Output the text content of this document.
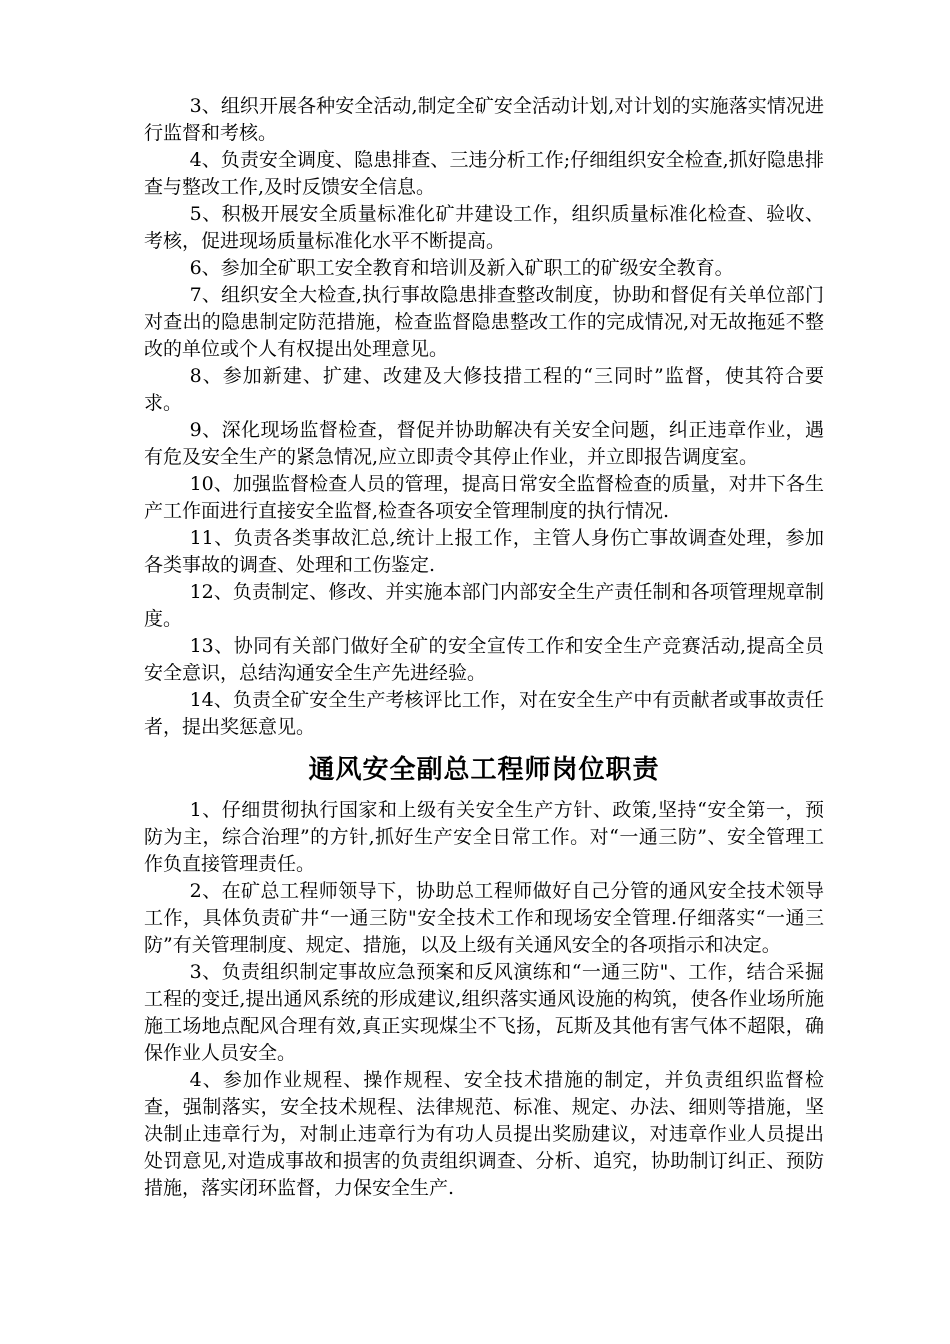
3、组织开展各种安全活动,制定全矿安全活动计划,对计划的实施落实情况进行监督和考核。

4、负责安全调度、隐患排查、三违分析工作;仔细组织安全检查,抓好隐患排查与整改工作,及时反馈安全信息。

5、积极开展安全质量标准化矿井建设工作，组织质量标准化检查、验收、考核，促进现场质量标准化水平不断提高。

6、参加全矿职工安全教育和培训及新入矿职工的矿级安全教育。

7、组织安全大检查,执行事故隐患排查整改制度，协助和督促有关单位部门对查出的隐患制定防范措施，检查监督隐患整改工作的完成情况,对无故拖延不整改的单位或个人有权提出处理意见。

8、参加新建、扩建、改建及大修技措工程的“三同时”监督，使其符合要求。

9、深化现场监督检查，督促并协助解决有关安全问题，纠正违章作业，遇有危及安全生产的紧急情况,应立即责令其停止作业，并立即报告调度室。

10、加强监督检查人员的管理，提高日常安全监督检查的质量，对井下各生产工作面进行直接安全监督,检查各项安全管理制度的执行情况.

11、负责各类事故汇总,统计上报工作，主管人身伤亡事故调查处理，参加各类事故的调查、处理和工伤鉴定.

12、负责制定、修改、并实施本部门内部安全生产责任制和各项管理规章制度。

13、协同有关部门做好全矿的安全宣传工作和安全生产竞赛活动,提高全员安全意识，总结沟通安全生产先进经验。

14、负责全矿安全生产考核评比工作，对在安全生产中有贡献者或事故责任者，提出奖惩意见。

通风安全副总工程师岗位职责

1、仔细贯彻执行国家和上级有关安全生产方针、政策,坚持“安全第一，预防为主，综合治理”的方针,抓好生产安全日常工作。对“一通三防”、安全管理工作负直接管理责任。

2、在矿总工程师领导下，协助总工程师做好自己分管的通风安全技术领导工作，具体负责矿井“一通三防"安全技术工作和现场安全管理.仔细落实“一通三防”有关管理制度、规定、措施，以及上级有关通风安全的各项指示和决定。

3、负责组织制定事故应急预案和反风演练和“一通三防"、工作，结合采掘工程的变迁,提出通风系统的形成建议,组织落实通风设施的构筑，使各作业场所施施工场地点配风合理有效,真正实现煤尘不飞扬，瓦斯及其他有害气体不超限，确保作业人员安全。

4、参加作业规程、操作规程、安全技术措施的制定，并负责组织监督检查，强制落实，安全技术规程、法律规范、标准、规定、办法、细则等措施，坚决制止违章行为，对制止违章行为有功人员提出奖励建议，对违章作业人员提出处罚意见,对造成事故和损害的负责组织调查、分析、追究，协助制订纠正、预防措施，落实闭环监督，力保安全生产.
